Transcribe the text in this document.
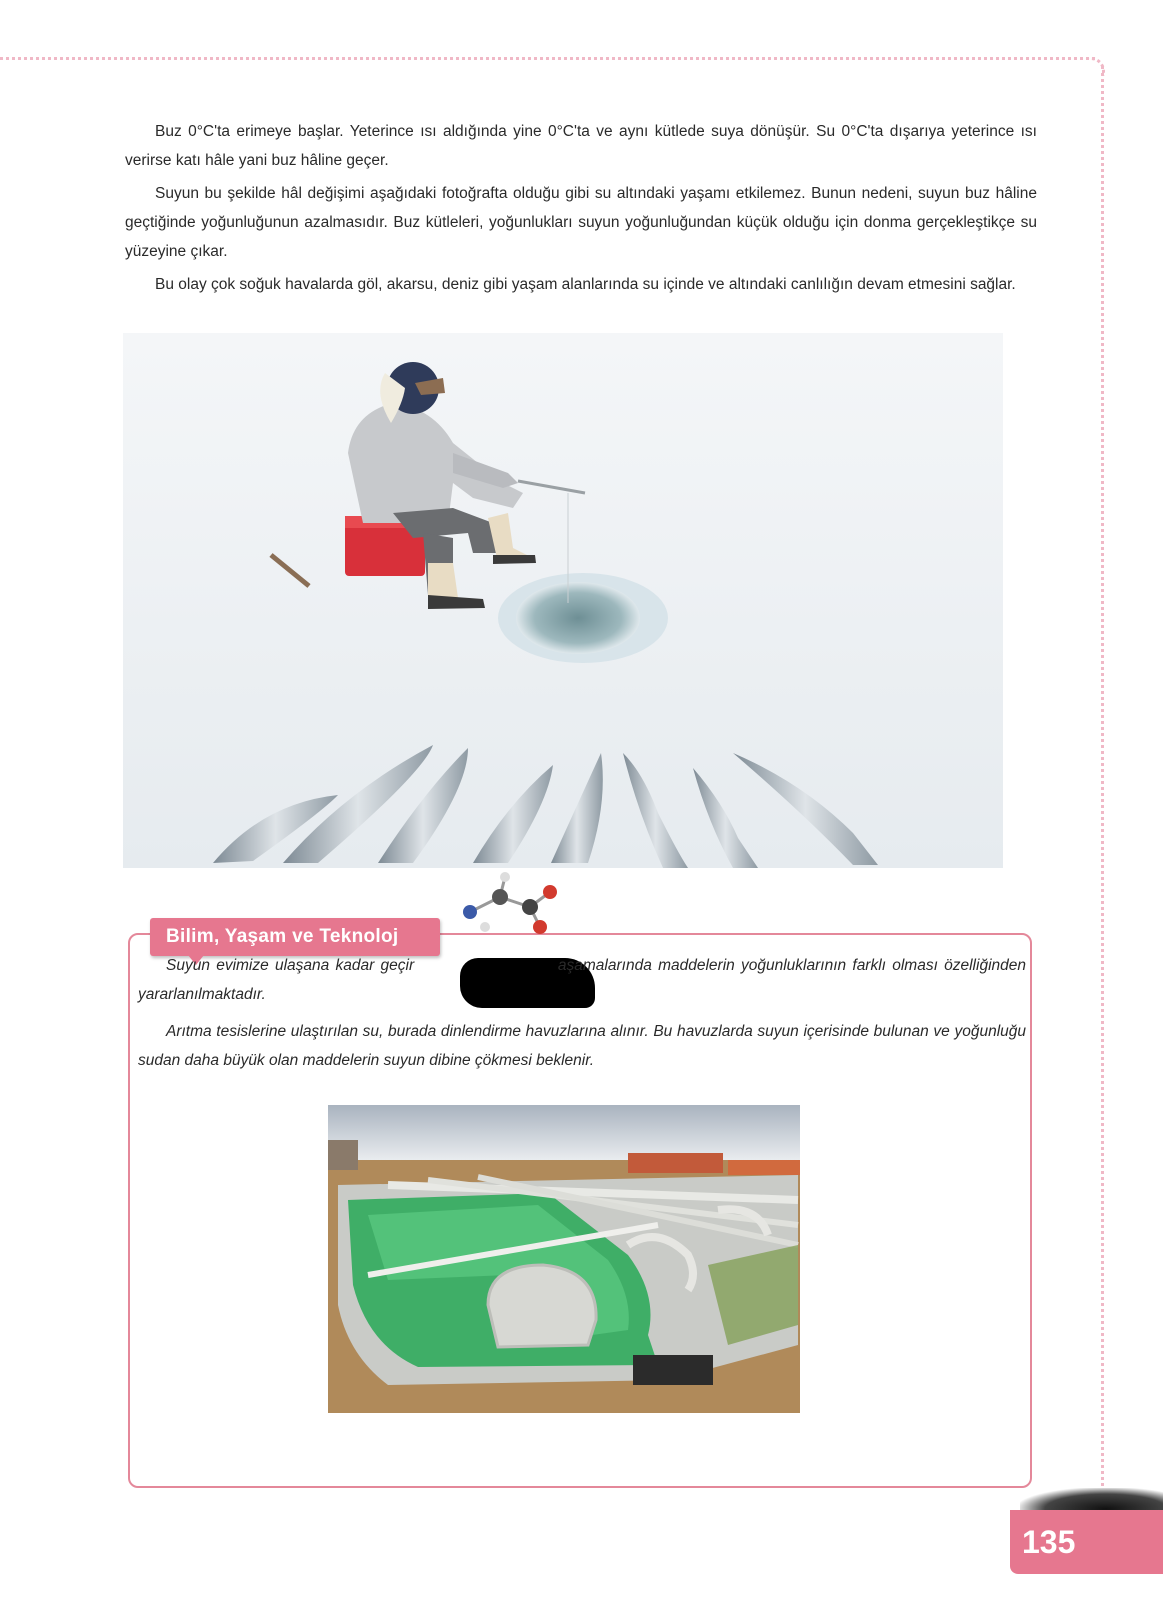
Buz 0°C'ta erimeye başlar. Yeterince ısı aldığında yine 0°C'ta ve aynı kütlede suya dönüşür. Su 0°C'ta dışarıya yeterince ısı verirse katı hâle yani buz hâline geçer.

Suyun bu şekilde hâl değişimi aşağıdaki fotoğrafta olduğu gibi su altındaki yaşamı etkilemez. Bunun nedeni, suyun buz hâline geçtiğinde yoğunluğunun azalmasıdır. Buz kütleleri, yoğunlukları suyun yoğunluğundan küçük olduğu için donma gerçekleştikçe su yüzeyine çıkar.

Bu olay çok soğuk havalarda göl, akarsu, deniz gibi yaşam alanlarında su içinde ve altındaki canlılığın devam etmesini sağlar.

Bilim, Yaşam ve Teknoloj

Suyun evimize ulaşana kadar geçir                       aşamalarında maddelerin yoğunluklarının farklı olması özelliğinden yararlanılmaktadır.

Arıtma tesislerine ulaştırılan su, burada dinlendirme havuzlarına alınır. Bu havuzlarda suyun içerisinde bulunan ve yoğunluğu sudan daha büyük olan maddelerin suyun dibine çökmesi beklenir.

135
